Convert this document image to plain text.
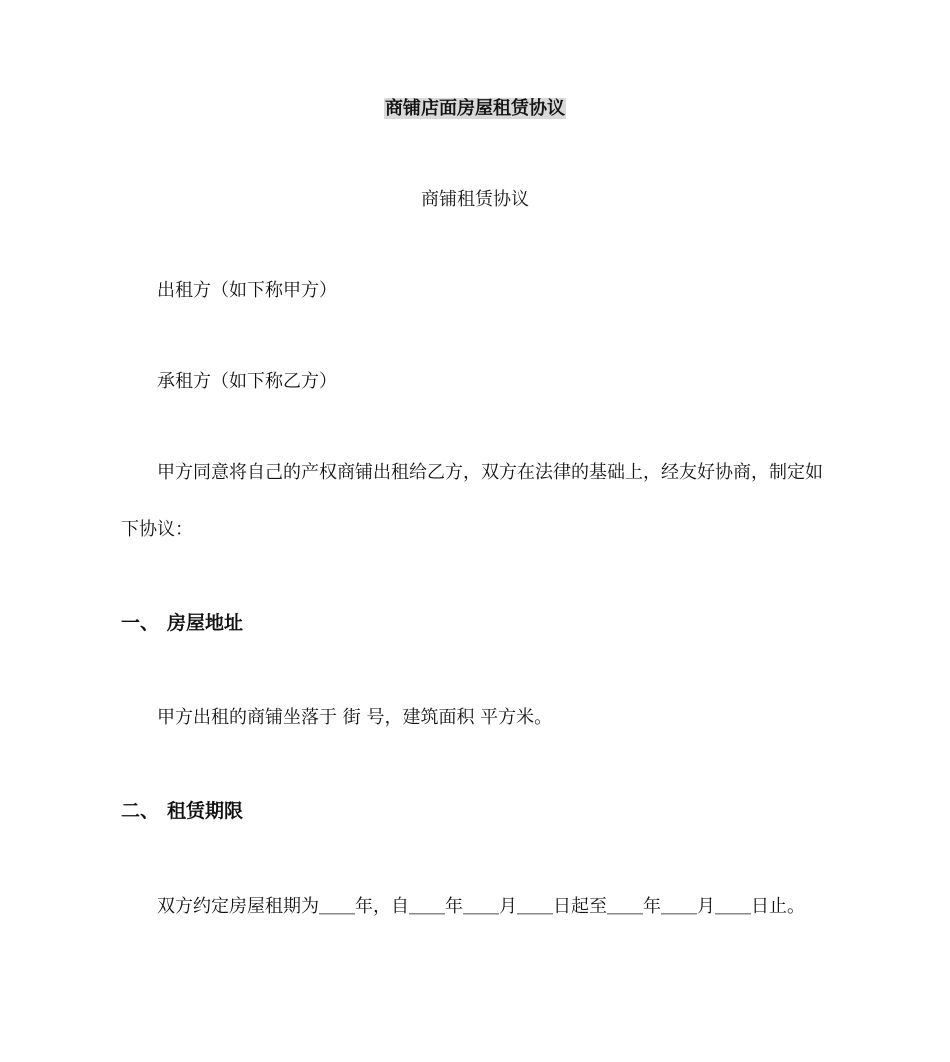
商铺店面房屋租赁协议
商铺租赁协议
出租方（如下称甲方）
承租方（如下称乙方）
甲方同意将自己的产权商铺出租给乙方，双方在法律的基础上，经友好协商，制定如
下协议：
一、 房屋地址
甲方出租的商铺坐落于 街 号，建筑面积 平方米。
二、 租赁期限
双方约定房屋租期为＿＿年，自＿＿年＿＿月＿＿日起至＿＿年＿＿月＿＿日止。
